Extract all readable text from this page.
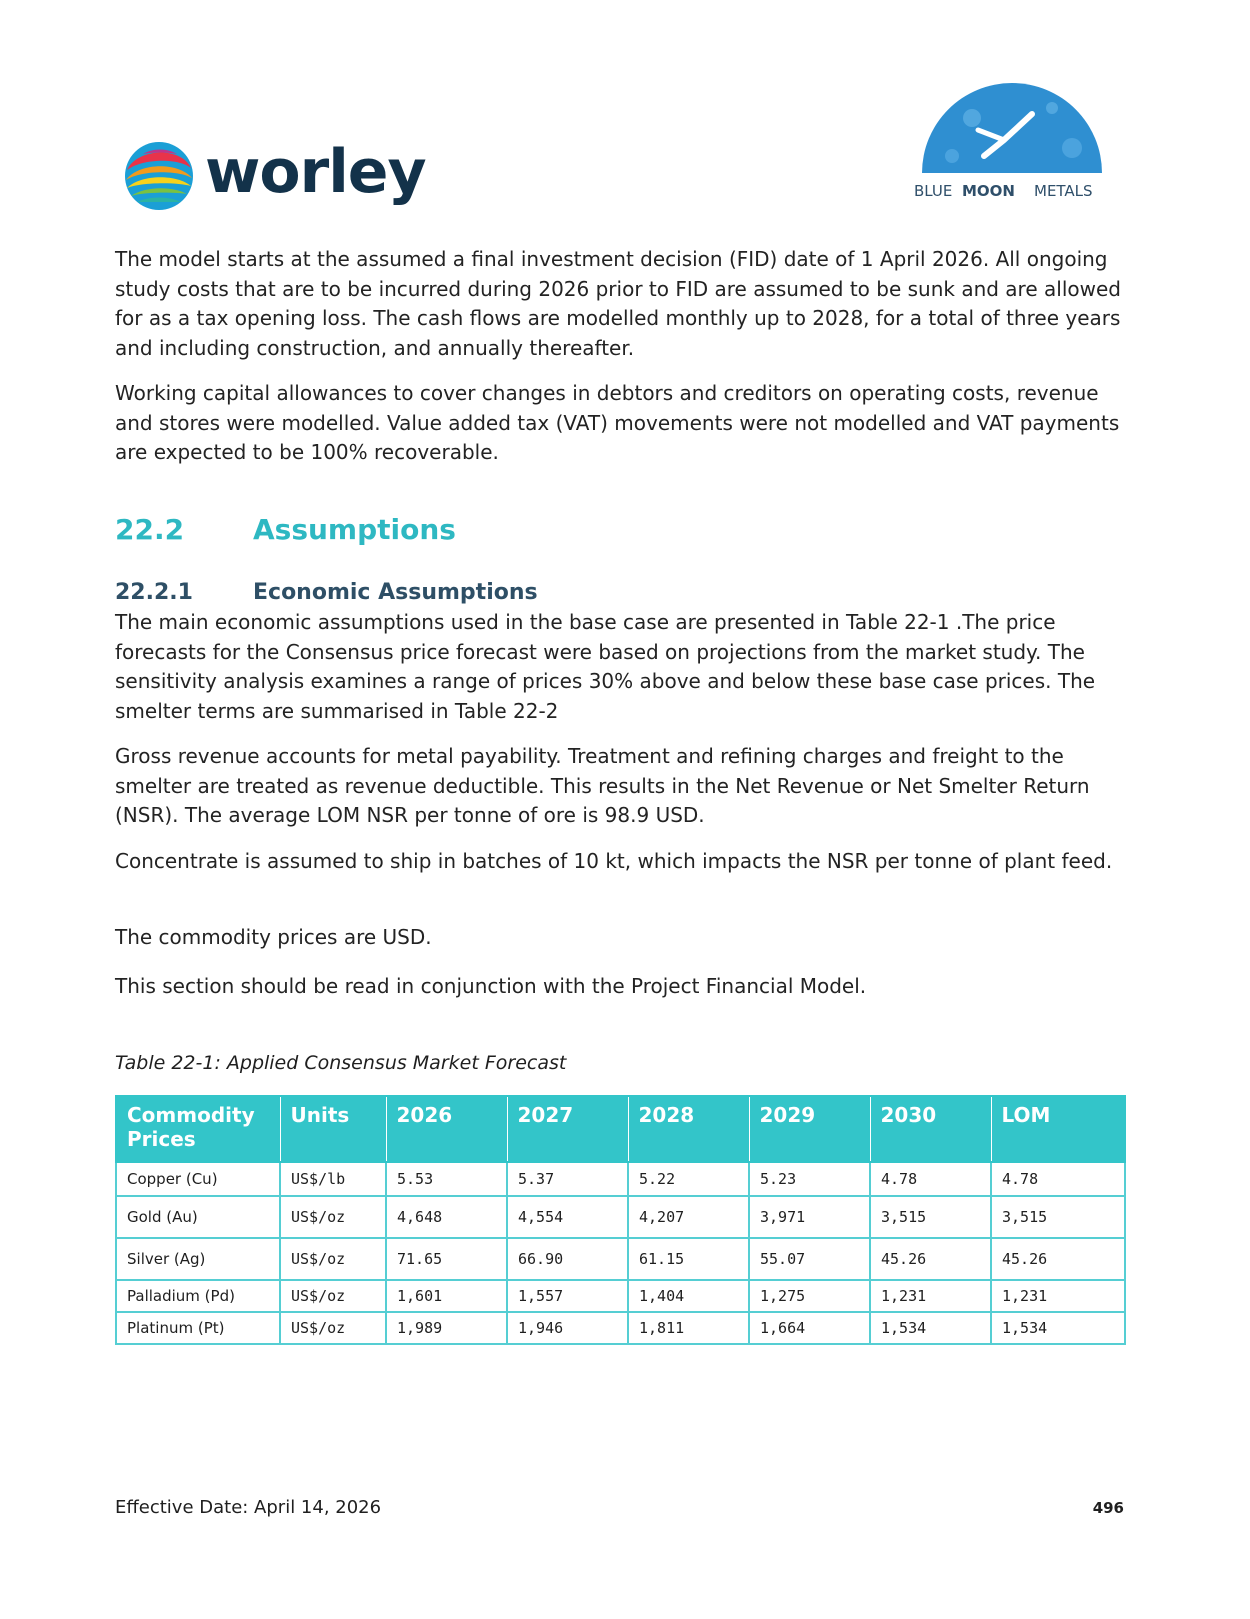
worley	BLUE MOON METALS

The model starts at the assumed a final investment decision (FID) date of 1 April 2026. All ongoing study costs that are to be incurred during 2026 prior to FID are assumed to be sunk and are allowed for as a tax opening loss. The cash flows are modelled monthly up to 2028, for a total of three years and including construction, and annually thereafter.

Working capital allowances to cover changes in debtors and creditors on operating costs, revenue and stores were modelled. Value added tax (VAT) movements were not modelled and VAT payments are expected to be 100% recoverable.

22.2	Assumptions
22.2.1	Economic Assumptions

The main economic assumptions used in the base case are presented in Table 22-1 .The price forecasts for the Consensus price forecast were based on projections from the market study. The sensitivity analysis examines a range of prices 30% above and below these base case prices. The smelter terms are summarised in Table 22-2

Gross revenue accounts for metal payability. Treatment and refining charges and freight to the smelter are treated as revenue deductible. This results in the Net Revenue or Net Smelter Return (NSR). The average LOM NSR per tonne of ore is 98.9 USD.

Concentrate is assumed to ship in batches of 10 kt, which impacts the NSR per tonne of plant feed.

The commodity prices are USD.

This section should be read in conjunction with the Project Financial Model.

Table 22-1: Applied Consensus Market Forecast

Commodity Prices	Units	2026	2027	2028	2029	2030	LOM
Copper (Cu)	US$/lb	5.53	5.37	5.22	5.23	4.78	4.78
Gold (Au)	US$/oz	4,648	4,554	4,207	3,971	3,515	3,515
Silver (Ag)	US$/oz	71.65	66.90	61.15	55.07	45.26	45.26
Palladium (Pd)	US$/oz	1,601	1,557	1,404	1,275	1,231	1,231
Platinum (Pt)	US$/oz	1,989	1,946	1,811	1,664	1,534	1,534

Effective Date: April 14, 2026	496
